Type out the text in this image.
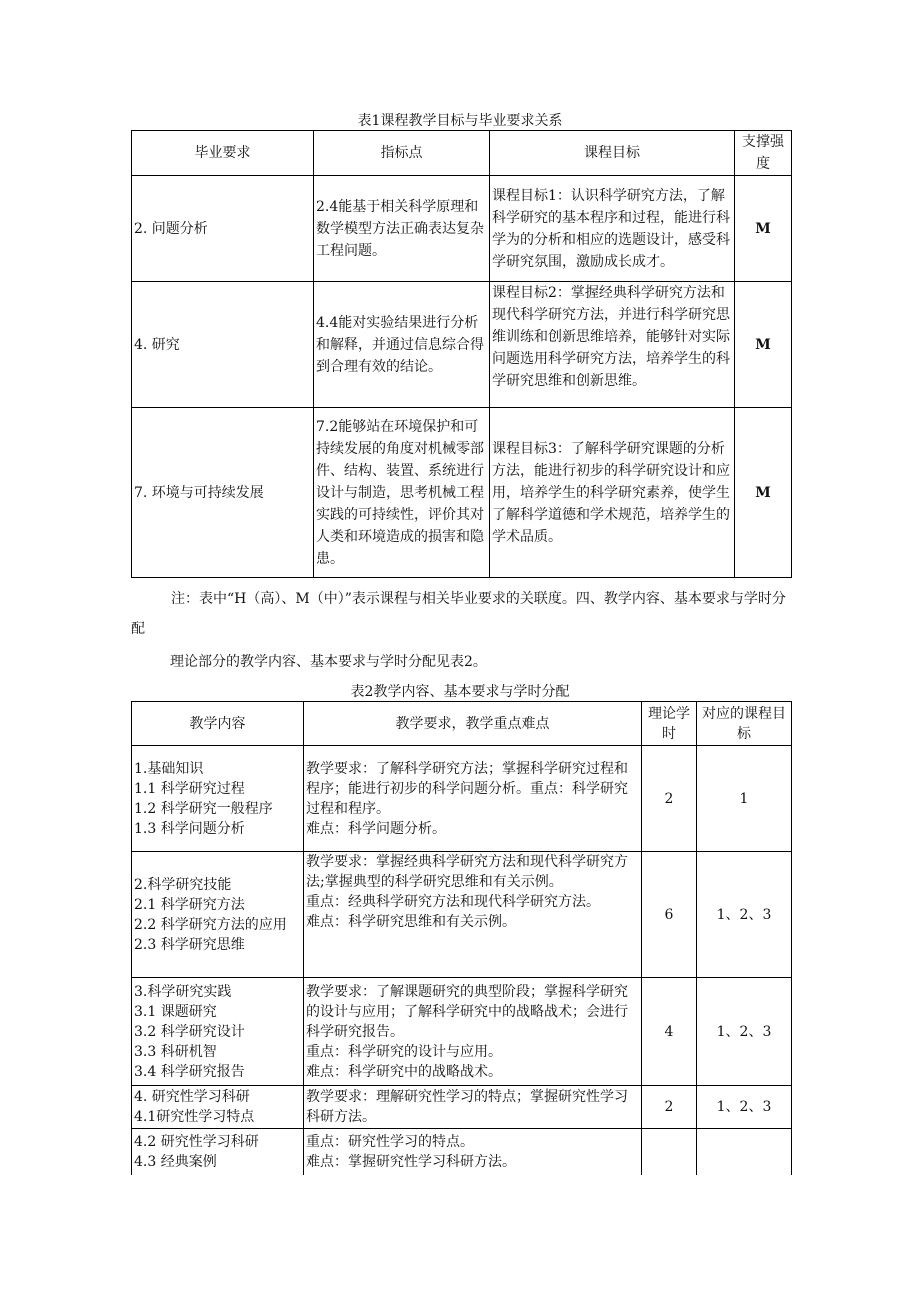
表1课程教学目标与毕业要求关系
毕业要求	指标点	课程目标	支撑强度
2. 问题分析	2.4能基于相关科学原理和数学模型方法正确表达复杂工程问题。	课程目标1：认识科学研究方法，了解科学研究的基本程序和过程，能进行科学为的分析和相应的选题设计，感受科学研究氛围，激励成长成才。	M
4. 研究	4.4能对实验结果进行分析和解释，并通过信息综合得到合理有效的结论。	课程目标2：掌握经典科学研究方法和现代科学研究方法，并进行科学研究思维训练和创新思维培养，能够针对实际问题选用科学研究方法，培养学生的科学研究思维和创新思维。	M
7. 环境与可持续发展	7.2能够站在环境保护和可持续发展的角度对机械零部件、结构、装置、系统进行设计与制造，思考机械工程实践的可持续性，评价其对人类和环境造成的损害和隐患。	课程目标3：了解科学研究课题的分析方法，能进行初步的科学研究设计和应用，培养学生的科学研究素养，使学生了解科学道德和学术规范，培养学生的学术品质。	M
注：表中“H（高）、M（中）”表示课程与相关毕业要求的关联度。四、教学内容、基本要求与学时分配
理论部分的教学内容、基本要求与学时分配见表2。
表2教学内容、基本要求与学时分配
教学内容	教学要求，教学重点难点	理论学时	对应的课程目标

1.基础知识
1.1 科学研究过程
1.2 科学研究一般程序
1.3 科学问题分析	教学要求：了解科学研究方法；掌握科学研究过程和程序；能进行初步的科学问题分析。重点：科学研究过程和程序。
难点：科学问题分析。	2	1

2.科学研究技能
2.1 科学研究方法
2.2 科学研究方法的应用
2.3 科学研究思维	教学要求：掌握经典科学研究方法和现代科学研究方法;掌握典型的科学研究思维和有关示例。
重点：经典科学研究方法和现代科学研究方法。
难点：科学研究思维和有关示例。	6	1、2、3

3.科学研究实践
3.1 课题研究
3.2 科学研究设计
3.3 科研机智
3.4 科学研究报告	教学要求：了解课题研究的典型阶段；掌握科学研究的设计与应用；了解科学研究中的战略战术；会进行科学研究报告。
重点：科学研究的设计与应用。
难点：科学研究中的战略战术。	4	1、2、3

4. 研究性学习科研
4.1研究性学习特点	教学要求：理解研究性学习的特点；掌握研究性学习科研方法。	2	1、2、3

4.2 研究性学习科研
4.3 经典案例	重点：研究性学习的特点。
难点：掌握研究性学习科研方法。		
